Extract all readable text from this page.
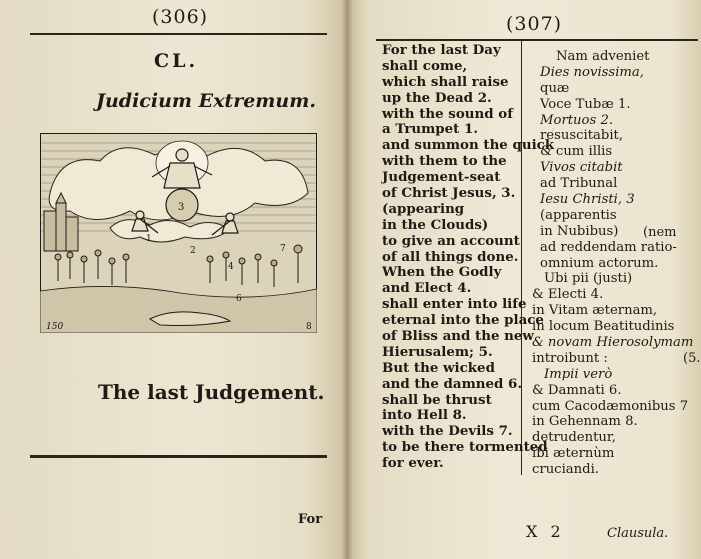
(306)
CL.
Judicium Extremum.
3
1
2
4
7
6
150	8
The last Judgement.
For
(307)
For the last Day
shall come,
which shall raise
up the Dead 2.
with the sound of
a Trumpet 1.
and summon the quick
with them to the
Judgement-seat
of Christ Jesus, 3.
(appearing
in the Clouds)
to give an account
of all things done.
When the Godly
and Elect 4.
shall enter into life
eternal into the place
of Bliss and the new
Hierusalem; 5.
But the wicked
and the damned 6.
shall be thrust
into Hell 8.
with the Devils 7.
to be there tormented
for ever.
Nam adveniet
Dies novissima,
quæ
Voce Tubæ 1.
Mortuos 2.
resuscitabit,
& cum illis
Vivos citabit
ad Tribunal
Iesu Christi, 3
(apparentis
in Nubibus)
ad reddendam ratio-
omnium actorum.
Ubi pii (justi)
& Electi 4.
in Vitam æternam,
in locum Beatitudinis
& novam Hierosolymam
introibunt :
Impii verò
& Damnati 6.
cum Cacodæmonibus 7
in Gehennam 8.
detrudentur,
ibi æternùm
cruciandi.
(nem
(5.
X 2	Clausula.
